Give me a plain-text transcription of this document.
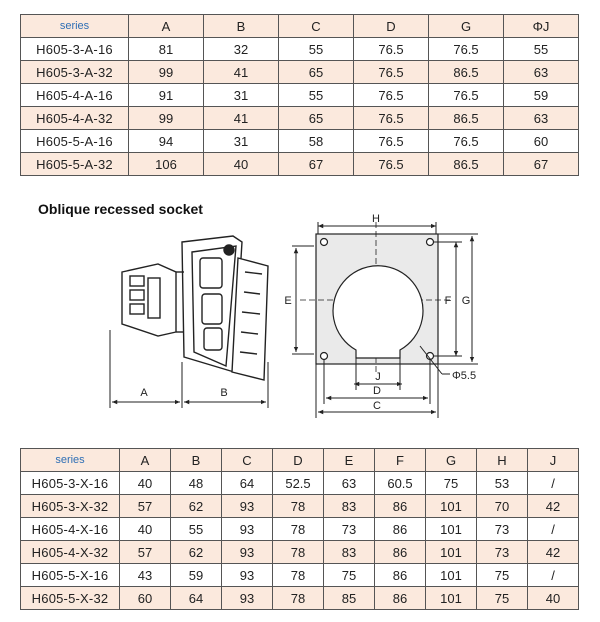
series	A	B	C	D	G	ΦJ
H605-3-A-16	81	32	55	76.5	76.5	55
H605-3-A-32	99	41	65	76.5	86.5	63
H605-4-A-16	91	31	55	76.5	76.5	59
H605-4-A-32	99	41	65	76.5	86.5	63
H605-5-A-16	94	31	58	76.5	76.5	60
H605-5-A-32	106	40	67	76.5	86.5	67
Oblique recessed socket
A	B
H
E	F G
J
D
C
Φ5.5
series	A	B	C	D	E	F	G	H	J
H605-3-X-16	40	48	64	52.5	63	60.5	75	53	/
H605-3-X-32	57	62	93	78	83	86	101	70	42
H605-4-X-16	40	55	93	78	73	86	101	73	/
H605-4-X-32	57	62	93	78	83	86	101	73	42
H605-5-X-16	43	59	93	78	75	86	101	75	/
H605-5-X-32	60	64	93	78	85	86	101	75	40
